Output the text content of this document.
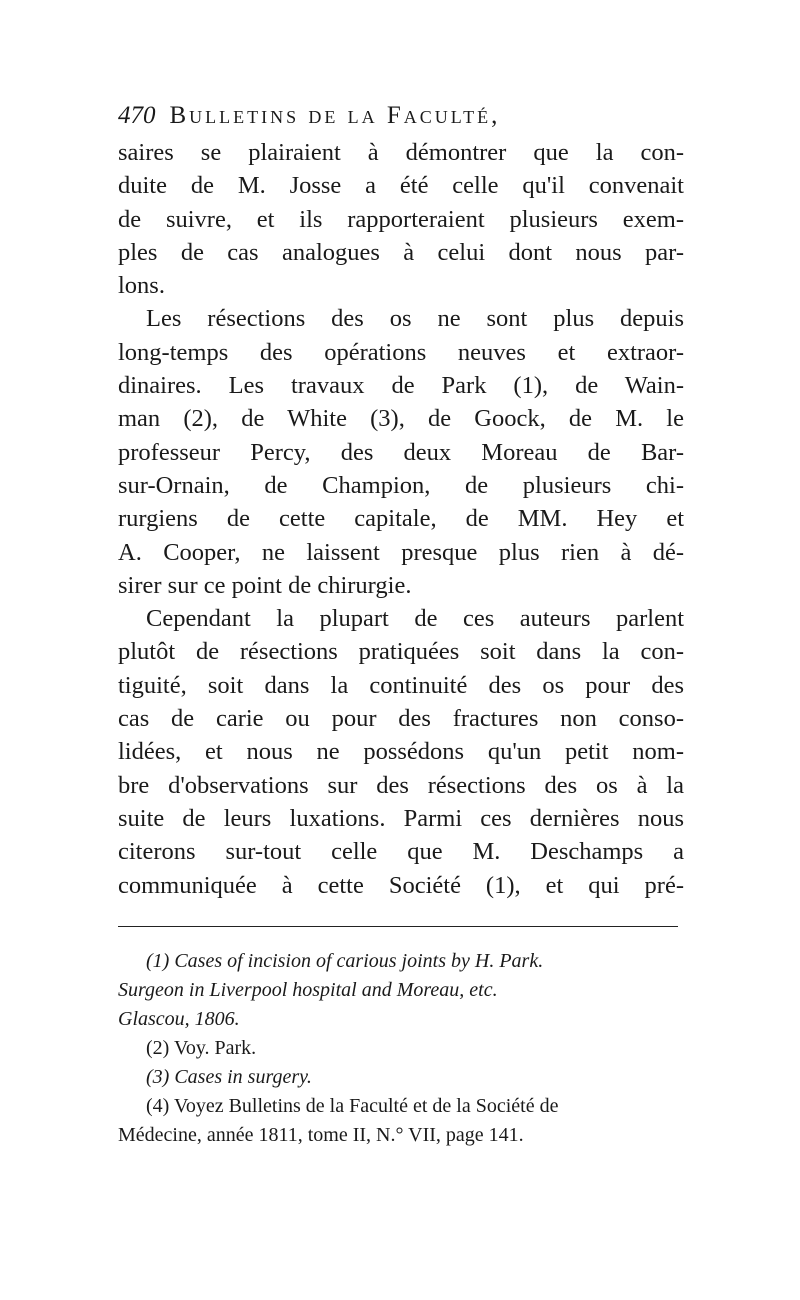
470 Bulletins de la Faculté,
saires se plairaient à démontrer que la con-
duite de M. Josse a été celle qu'il convenait
de suivre, et ils rapporteraient plusieurs exem-
ples de cas analogues à celui dont nous par-
lons.
Les résections des os ne sont plus depuis
long-temps des opérations neuves et extraor-
dinaires. Les travaux de Park (1), de Wain-
man (2), de White (3), de Goock, de M. le
professeur Percy, des deux Moreau de Bar-
sur-Ornain, de Champion, de plusieurs chi-
rurgiens de cette capitale, de MM. Hey et
A. Cooper, ne laissent presque plus rien à dé-
sirer sur ce point de chirurgie.
Cependant la plupart de ces auteurs parlent
plutôt de résections pratiquées soit dans la con-
tiguité, soit dans la continuité des os pour des
cas de carie ou pour des fractures non conso-
lidées, et nous ne possédons qu'un petit nom-
bre d'observations sur des résections des os à la
suite de leurs luxations. Parmi ces dernières nous
citerons sur-tout celle que M. Deschamps a
communiquée à cette Société (1), et qui pré-
(1) Cases of incision of carious joints by H. Park.
Surgeon in Liverpool hospital and Moreau, etc.
Glascou, 1806.
(2) Voy. Park.
(3) Cases in surgery.
(4) Voyez Bulletins de la Faculté et de la Société de
Médecine, année 1811, tome II, N.° VII, page 141.
